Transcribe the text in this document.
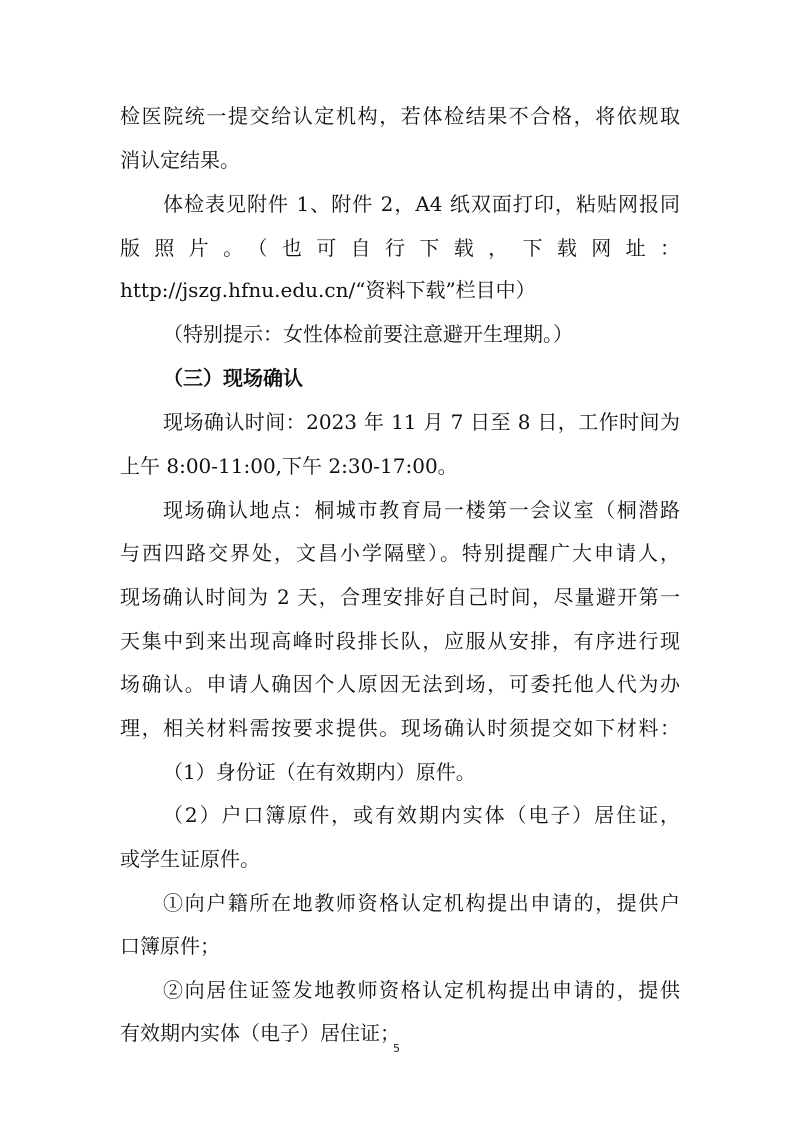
检医院统一提交给认定机构，若体检结果不合格，将依规取
消认定结果。
体检表见附件 1、附件 2，A4 纸双面打印，粘贴网报同
版照片。（也可自行下载，下载网址：
http://jszg.hfnu.edu.cn/“资料下载”栏目中）
（特别提示：女性体检前要注意避开生理期。）
（三）现场确认
现场确认时间：2023 年 11 月 7 日至 8 日，工作时间为
上午 8:00-11:00,下午 2:30-17:00。
现场确认地点：桐城市教育局一楼第一会议室（桐潜路
与西四路交界处，文昌小学隔壁）。特别提醒广大申请人，
现场确认时间为 2 天，合理安排好自己时间，尽量避开第一
天集中到来出现高峰时段排长队，应服从安排，有序进行现
场确认。申请人确因个人原因无法到场，可委托他人代为办
理，相关材料需按要求提供。现场确认时须提交如下材料：
（1）身份证（在有效期内）原件。
（2）户口簿原件，或有效期内实体（电子）居住证，
或学生证原件。
①向户籍所在地教师资格认定机构提出申请的，提供户
口簿原件；
②向居住证签发地教师资格认定机构提出申请的，提供
有效期内实体（电子）居住证；
5
